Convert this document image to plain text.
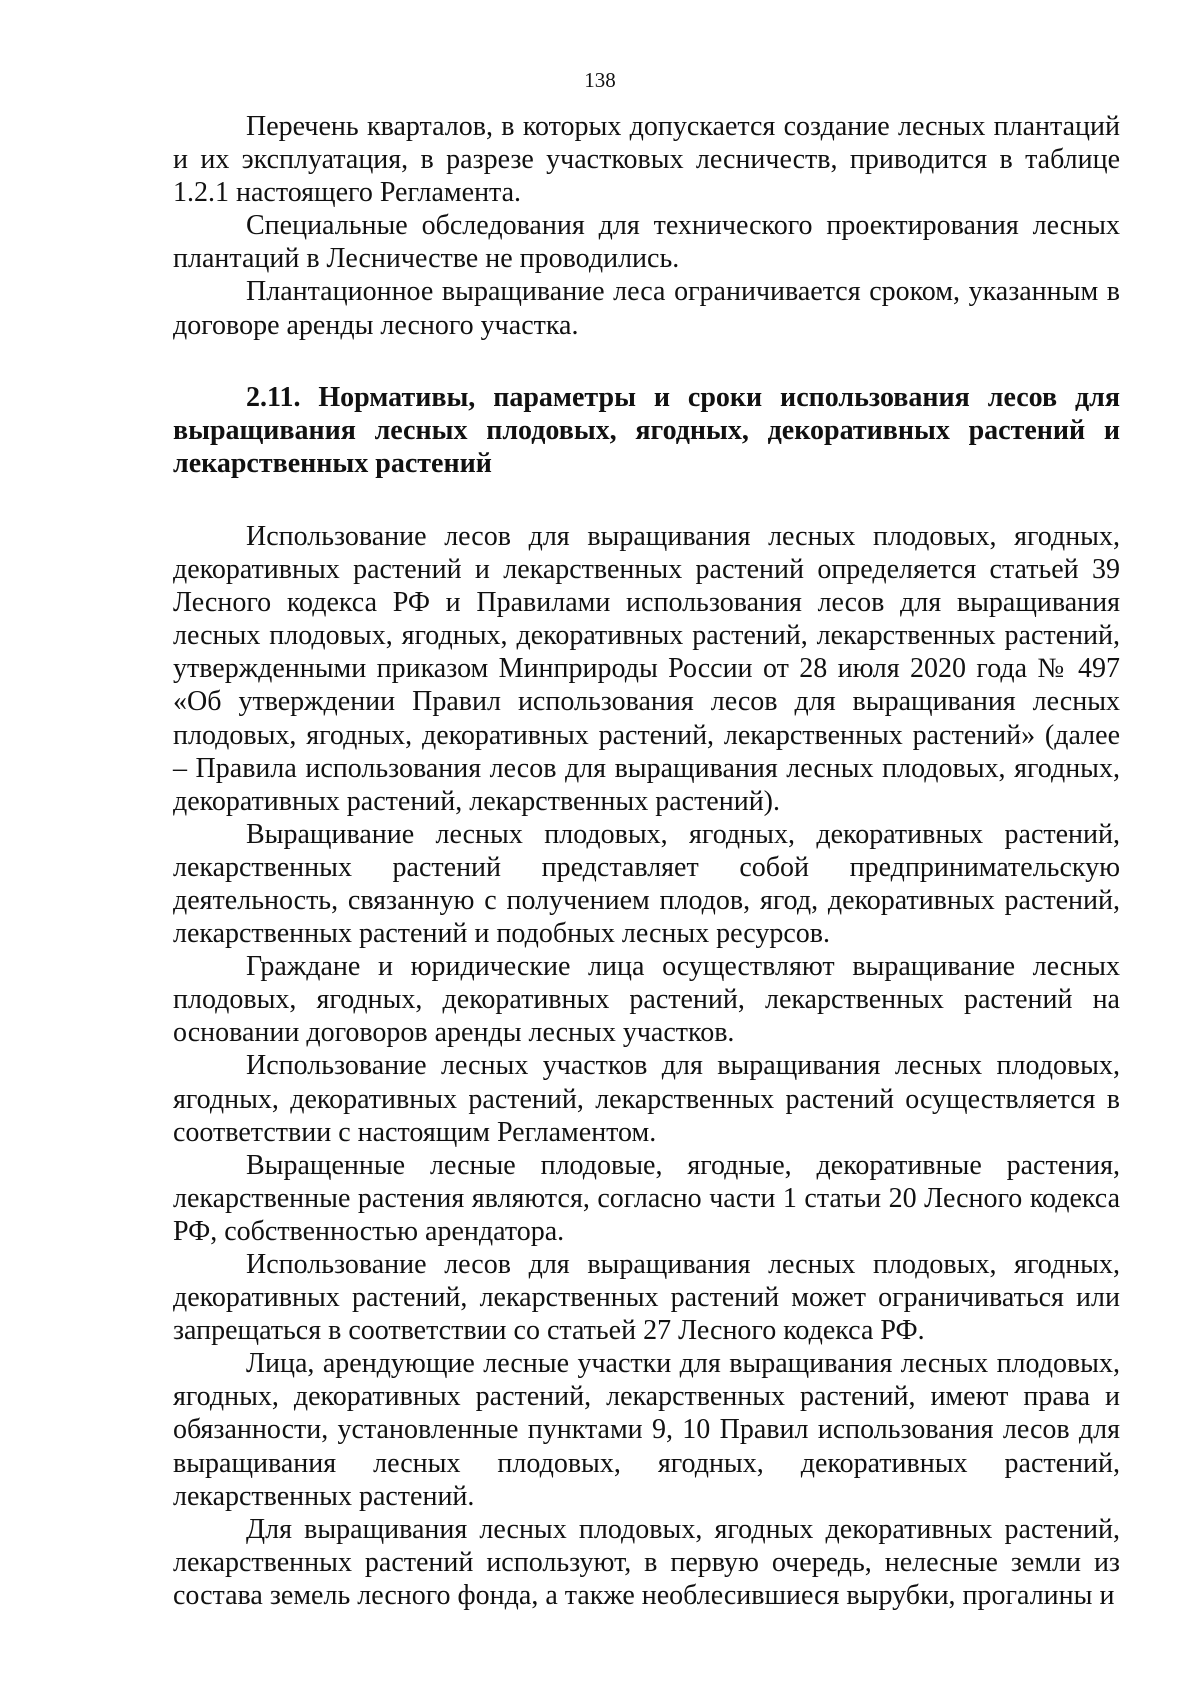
138

Перечень кварталов, в которых допускается создание лесных плантаций и их эксплуатация, в разрезе участковых лесничеств, приводится в таблице 1.2.1 настоящего Регламента.

Специальные обследования для технического проектирования лесных плантаций в Лесничестве не проводились.

Плантационное выращивание леса ограничивается сроком, указанным в договоре аренды лесного участка.

2.11. Нормативы, параметры и сроки использования лесов для выращивания лесных плодовых, ягодных, декоративных растений и лекарственных растений

Использование лесов для выращивания лесных плодовых, ягодных, декоративных растений и лекарственных растений определяется статьей 39 Лесного кодекса РФ и Правилами использования лесов для выращивания лесных плодовых, ягодных, декоративных растений, лекарственных растений, утвержденными приказом Минприроды России от 28 июля 2020 года № 497 «Об утверждении Правил использования лесов для выращивания лесных плодовых, ягодных, декоративных растений, лекарственных растений» (далее – Правила использования лесов для выращивания лесных плодовых, ягодных, декоративных растений, лекарственных растений).

Выращивание лесных плодовых, ягодных, декоративных растений, лекарственных растений представляет собой предпринимательскую деятельность, связанную с получением плодов, ягод, декоративных растений, лекарственных растений и подобных лесных ресурсов.

Граждане и юридические лица осуществляют выращивание лесных плодовых, ягодных, декоративных растений, лекарственных растений на основании договоров аренды лесных участков.

Использование лесных участков для выращивания лесных плодовых, ягодных, декоративных растений, лекарственных растений осуществляется в соответствии с настоящим Регламентом.

Выращенные лесные плодовые, ягодные, декоративные растения, лекарственные растения являются, согласно части 1 статьи 20 Лесного кодекса РФ, собственностью арендатора.

Использование лесов для выращивания лесных плодовых, ягодных, декоративных растений, лекарственных растений может ограничиваться или запрещаться в соответствии со статьей 27 Лесного кодекса РФ.

Лица, арендующие лесные участки для выращивания лесных плодовых, ягодных, декоративных растений, лекарственных растений, имеют права и обязанности, установленные пунктами 9, 10 Правил использования лесов для выращивания лесных плодовых, ягодных, декоративных растений, лекарственных растений.

Для выращивания лесных плодовых, ягодных декоративных растений, лекарственных растений используют, в первую очередь, нелесные земли из состава земель лесного фонда, а также необлесившиеся вырубки, прогалины и
